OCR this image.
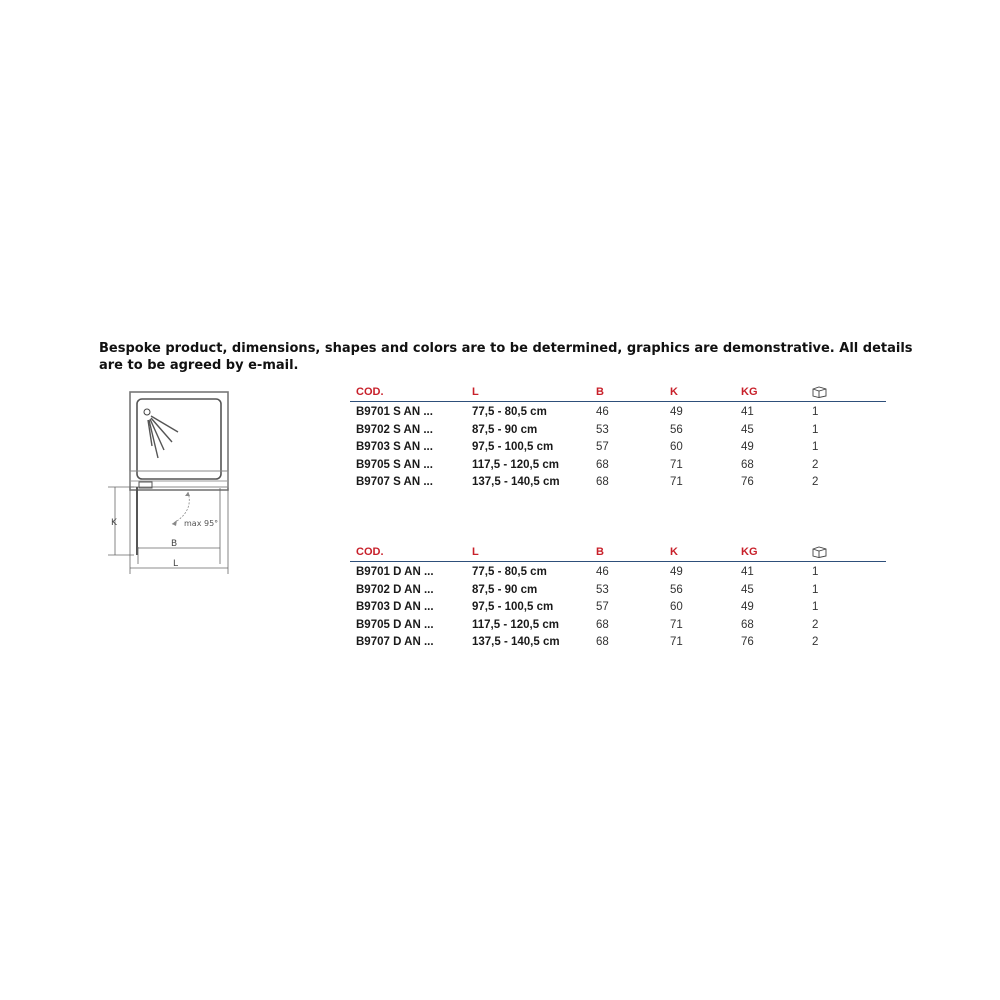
Bespoke product, dimensions, shapes and colors are to be determined, graphics are demonstrative. All details are to be agreed by e-mail.
max 95°
K
B
L
COD.	L	B	K	KG
B9701 S AN ...	77,5 - 80,5 cm	46	49	41	1
B9702 S AN ...	87,5 - 90 cm	53	56	45	1
B9703 S AN ...	97,5 - 100,5 cm	57	60	49	1
B9705 S AN ...	117,5 - 120,5 cm	68	71	68	2
B9707 S AN ...	137,5 - 140,5 cm	68	71	76	2
COD.	L	B	K	KG
B9701 D AN ...	77,5 - 80,5 cm	46	49	41	1
B9702 D AN ...	87,5 - 90 cm	53	56	45	1
B9703 D AN ...	97,5 - 100,5 cm	57	60	49	1
B9705 D AN ...	117,5 - 120,5 cm	68	71	68	2
B9707 D AN ...	137,5 - 140,5 cm	68	71	76	2
